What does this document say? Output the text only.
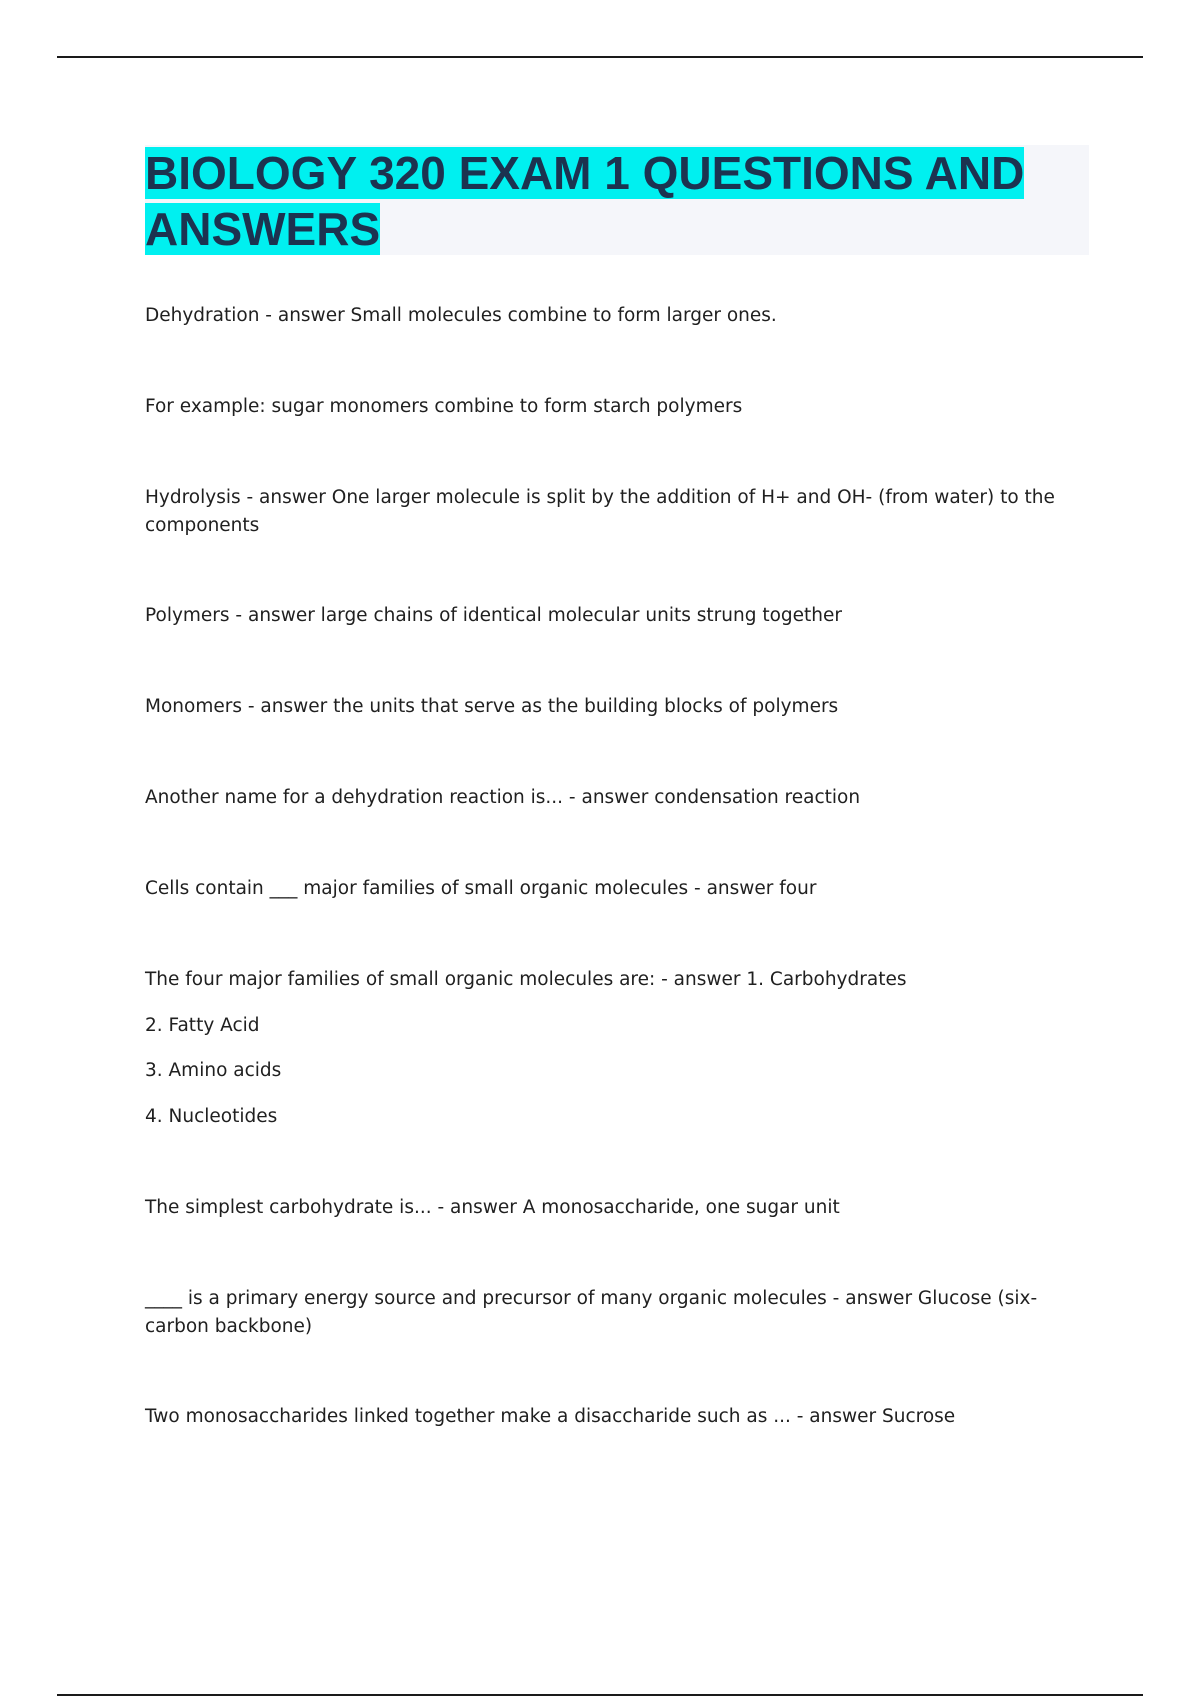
BIOLOGY 320 EXAM 1 QUESTIONS AND
ANSWERS

Dehydration - answer Small molecules combine to form larger ones.

For example: sugar monomers combine to form starch polymers

Hydrolysis - answer One larger molecule is split by the addition of H+ and OH- (from water) to the components

Polymers - answer large chains of identical molecular units strung together

Monomers - answer the units that serve as the building blocks of polymers

Another name for a dehydration reaction is... - answer condensation reaction

Cells contain ___ major families of small organic molecules - answer four

The four major families of small organic molecules are: - answer 1. Carbohydrates

2. Fatty Acid

3. Amino acids

4. Nucleotides

The simplest carbohydrate is... - answer A monosaccharide, one sugar unit

____ is a primary energy source and precursor of many organic molecules - answer Glucose (six- carbon backbone)

Two monosaccharides linked together make a disaccharide such as ... - answer Sucrose
